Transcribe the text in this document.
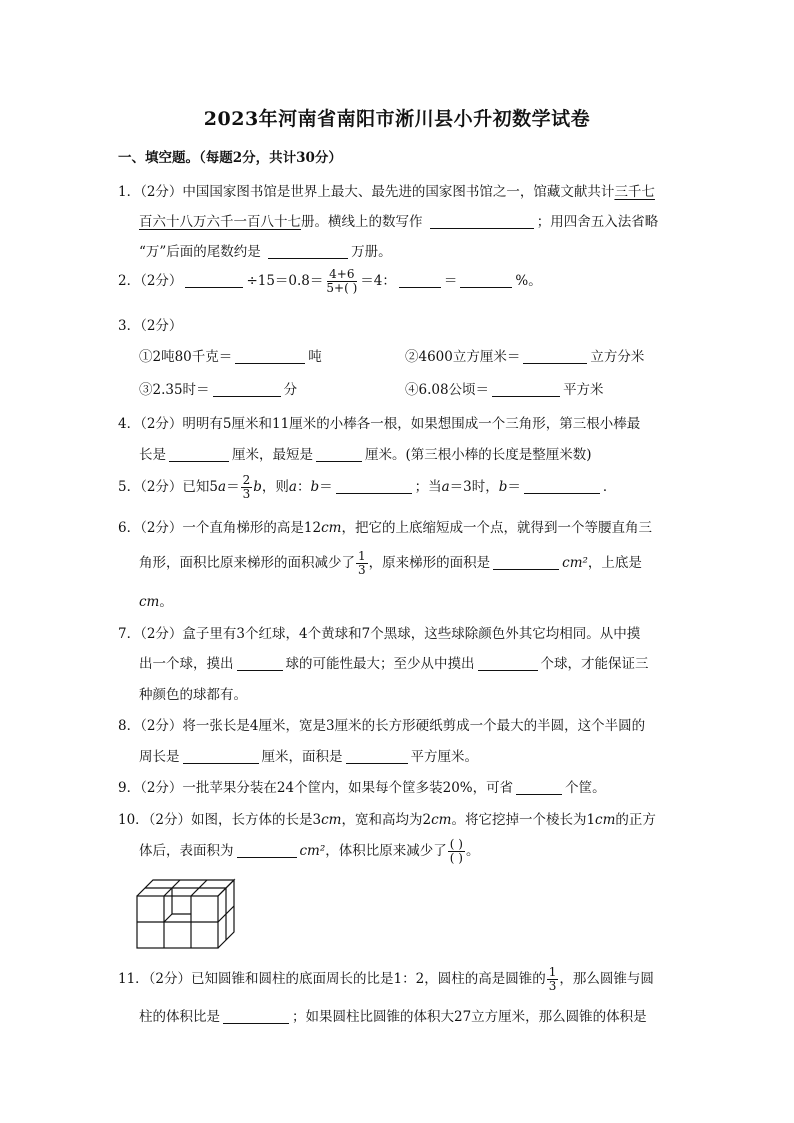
2023年河南省南阳市淅川县小升初数学试卷
一、填空题。（每题2分，共计30分）
1．（2分）中国国家图书馆是世界上最大、最先进的国家图书馆之一，馆藏文献共计三千七
百六十八万六千一百八十七册。横线上的数写作	；用四舍五入法省略
“万”后面的尾数约是	万册。
2．（2分）	$\div 15=0.8= \frac{4+6}{5+( )} =4$：	＝	%。
3．（2分）
①2吨80千克＝	吨	②4600立方厘米＝	立方分米
③2.35时＝	分	④6.08公顷＝	平方米
4．（2分）明明有5厘米和11厘米的小棒各一根，如果想围成一个三角形，第三根小棒最
长是	厘米，最短是	厘米。(第三根小棒的长度是整厘米数)
5．（2分）已知$5a= \frac{2}{3}$ b，则a：b＝	；当a＝3时，b＝	．
6．（2分）一个直角梯形的高是12cm，把它的上底缩短成一个点，就得到一个等腰直角三
角形，面积比原来梯形的面积减少了 $\frac{1}{3}$ ，原来梯形的面积是	cm²，上底是
cm。
7．（2分）盒子里有3个红球，4个黄球和7个黑球，这些球除颜色外其它均相同。从中摸
出一个球，摸出	球的可能性最大；至少从中摸出	个球，才能保证三
种颜色的球都有。
8．（2分）将一张长是4厘米，宽是3厘米的长方形硬纸剪成一个最大的半圆，这个半圆的
周长是	厘米，面积是	平方厘米。
9．（2分）一批苹果分装在24个筐内，如果每个筐多装20%，可省	个筐。
10．（2分）如图，长方体的长是3cm，宽和高均为2cm。将它挖掉一个棱长为1cm的正方
体后，表面积为	cm²，体积比原来减少了 $\frac{( )}{( )}$ 。
11．（2分）已知圆锥和圆柱的底面周长的比是1：2，圆柱的高是圆锥的 $\frac{1}{3}$ ，那么圆锥与圆
柱的体积比是	；如果圆柱比圆锥的体积大27立方厘米，那么圆锥的体积是
